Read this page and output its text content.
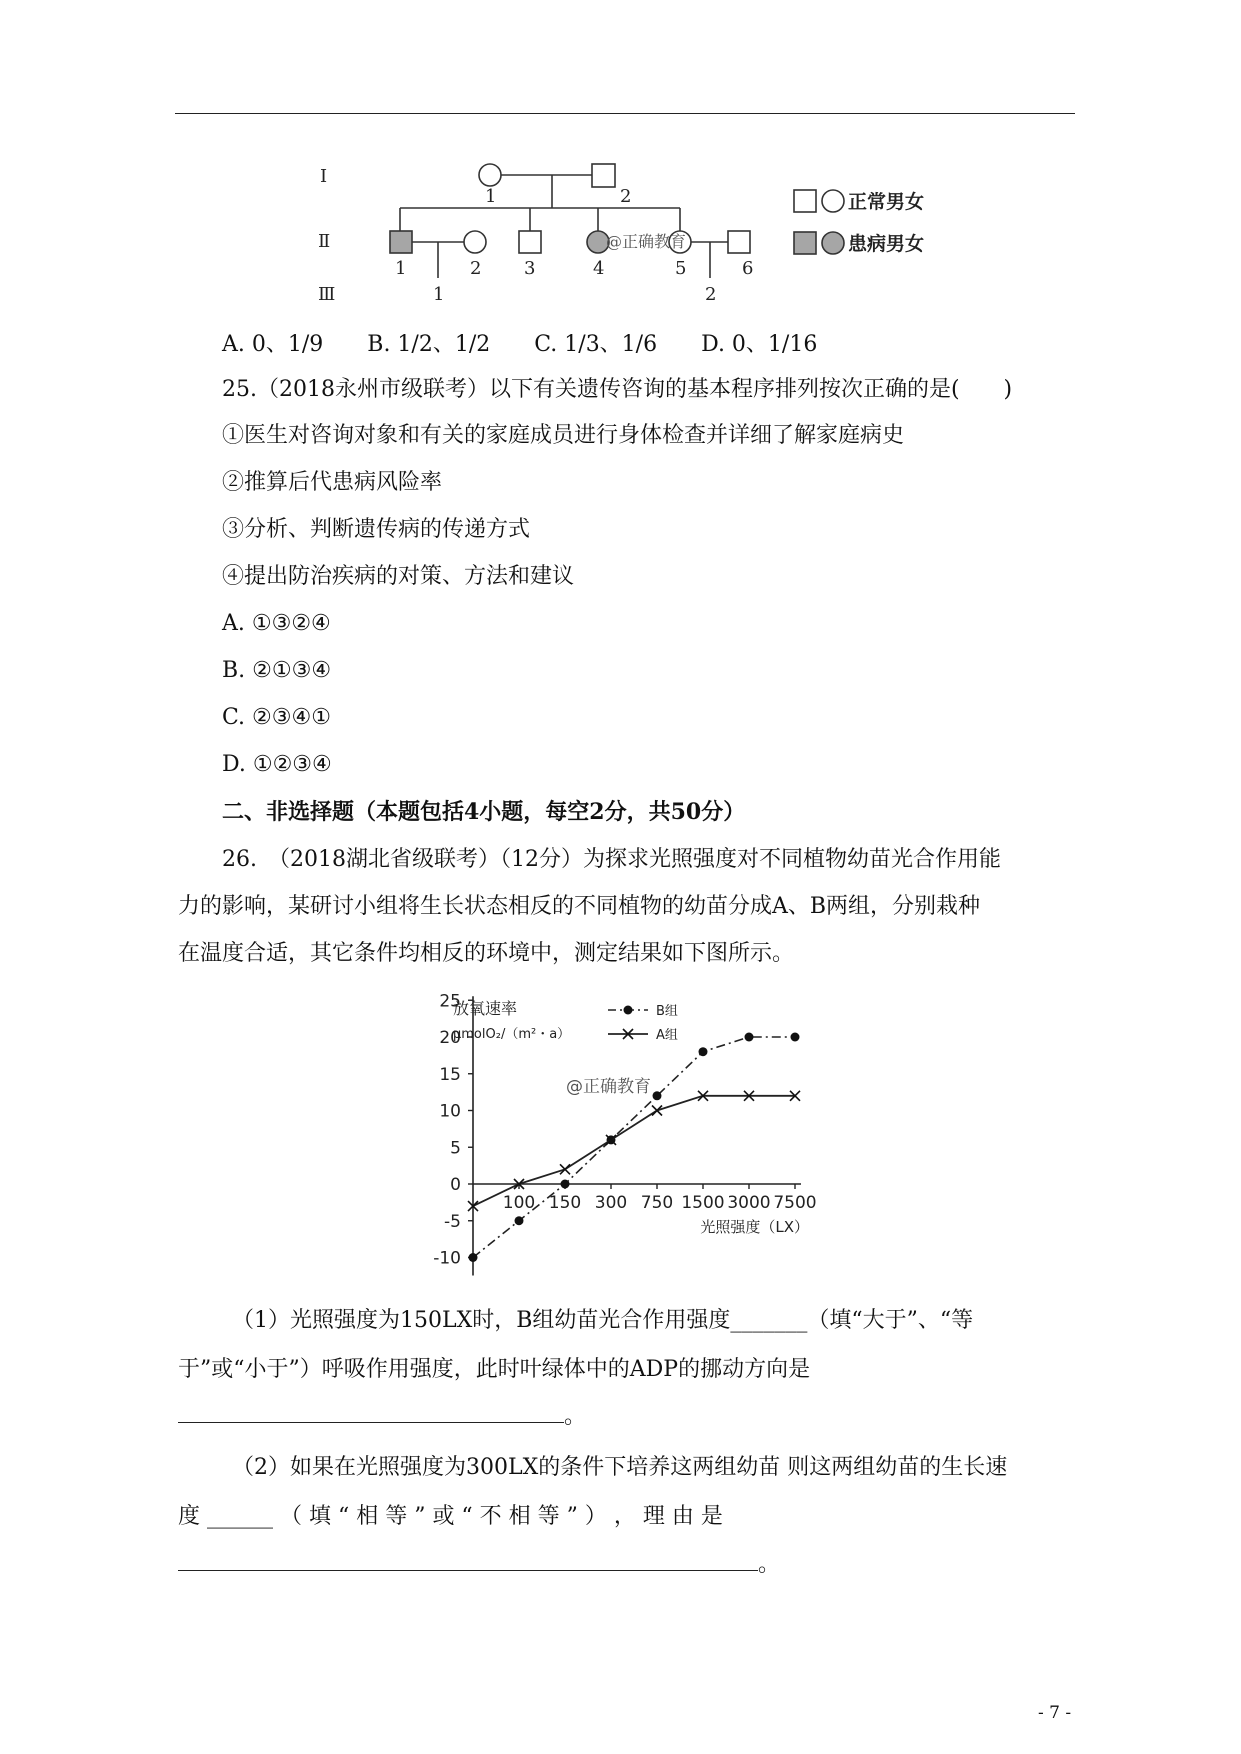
I
Ⅱ
Ⅲ
1	2
1	2 3	4	5	6
1	2
@正确教育
正常男女
患病男女
A. 0、1/9　　B. 1/2、1/2　　C. 1/3、1/6　　D. 0、1/16
25.（2018永州市级联考）以下有关遗传咨询的基本程序排列按次正确的是(　　)
①医生对咨询对象和有关的家庭成员进行身体检查并详细了解家庭病史
②推算后代患病风险率
③分析、判断遗传病的传递方式
④提出防治疾病的对策、方法和建议
A. ①③②④
B. ②①③④
C. ②③④①
D. ①②③④
二、非选择题（本题包括4小题，每空2分，共50分）
26.　（2018湖北省级联考）（12分）为探求光照强度对不同植物幼苗光合作用能
力的影响，某研讨小组将生长状态相反的不同植物的幼苗分成A、B两组，分别栽种
在温度合适，其它条件均相反的环境中，测定结果如下图所示。
25
20
15
10
5
0
-5
-10
100 150 300 750 1500 3000 7500
放氧速率
μmolO₂/（m²・a）
光照强度（LX）
@正确教育
B组
A组
（1）光照强度为150LX时，B组幼苗光合作用强度_______（填“大于”、“等
于”或“小于”）呼吸作用强度，此时叶绿体中的ADP的挪动方向是
。
（2）如果在光照强度为300LX的条件下培养这两组幼苗 则这两组幼苗的生长速
度 ______ （ 填 “ 相 等 ” 或 “ 不 相 等 ” ） ， 理 由 是
。
- 7 -
